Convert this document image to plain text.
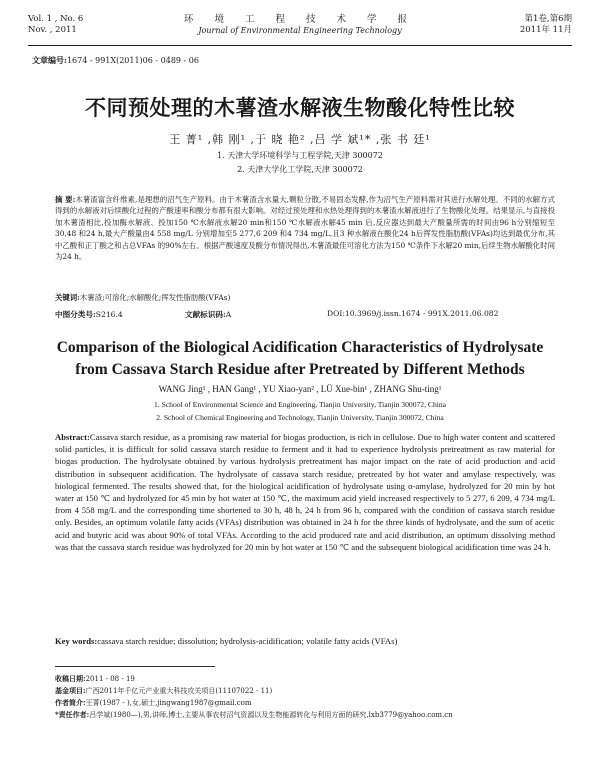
Vol. 1 , No. 6
Nov. , 2011
环 境 工 程 技 术 学 报
Journal of Environmental Engineering Technology
第1卷,第6期
2011年 11月
文章编号:1674 - 991X(2011)06 - 0489 - 06
不同预处理的木薯渣水解液生物酸化特性比较
王 菁¹ ,韩 刚¹ ,于 晓 艳² ,吕 学 斌¹* ,张 书 廷¹
1. 天津大学环境科学与工程学院,天津 300072
2. 天津大学化工学院,天津 300072
摘 要:木薯渣富含纤维素,是理想的沼气生产原料。由于木薯渣含水量大,颗粒分散,不易固态发酵,作为沼气生产原料需对其进行水解处理。不同的水解方式得到的水解液对后续酸化过程的产酸速率和酸分布都有很大影响。对经过预处理和水热处理得到的木薯渣水解液进行了生物酸化处理。结果显示,与直接投加木薯渣相比,投加酶水解液、投加150 ℃水解液水解20 min和150 ℃水解液水解45 min 后,反应器达到最大产酸量所需的时间由96 h分别缩短至30,48 和24 h,最大产酸量由4 558 mg/L 分别增加至5 277,6 209 和4 734 mg/L,且3 种水解液在酸化24 h后挥发性脂肪酸(VFAs)均达到最优分布,其中乙酸和正丁酸之和占总VFAs 的90%左右。根据产酸速度及酸分布情况得出,木薯渣最佳可溶化方法为150 ℃条件下水解20 min,后续生物水解酸化时间为24 h。
关键词:木薯渣;可溶化;水解酸化;挥发性脂肪酸(VFAs)
中图分类号:S216.4	文献标识码:A	DOI:10.3969/j.issn.1674 - 991X.2011.06.082
Comparison of the Biological Acidification Characteristics of Hydrolysate
from Cassava Starch Residue after Pretreated by Different Methods
WANG Jing¹ , HAN Gang¹ , YU Xiao-yan² , LÜ Xue-bin¹ , ZHANG Shu-ting¹
1. School of Environmental Science and Engineering, Tianjin University, Tianjin 300072, China
2. School of Chemical Engineering and Technology, Tianjin University, Tianjin 300072, China
Abstract:Cassava starch residue, as a promising raw material for biogas production, is rich in cellulose. Due to high water content and scattered solid particles, it is difficult for solid cassava starch residue to ferment and it had to experience hydrolysis pretreatment as raw material for biogas production. The hydrolysate obtained by various hydrolysis pretreatment has major impact on the rate of acid production and acid distribution in subsequent acidification. The hydrolysate of cassava starch residue, pretreated by hot water and amylase respectively, was biological fermented. The results showed that, for the biological acidification of hydrolysate using α-amylase, hydrolyzed for 20 min by hot water at 150 ℃ and hydrolyzed for 45 min by hot water at 150 ℃, the maximum acid yield increased respectively to 5 277, 6 209, 4 734 mg/L from 4 558 mg/L and the corresponding time shortened to 30 h, 48 h, 24 h from 96 h, compared with the condition of cassava starch residue only. Besides, an optimum volatile fatty acids (VFAs) distribution was obtained in 24 h for the three kinds of hydrolysate, and the sum of acetic acid and butyric acid was about 90% of total VFAs. According to the acid produced rate and acid distribution, an optimum dissolving method was that the cassava starch residue was hydrolyzed for 20 min by hot water at 150 ℃ and the subsequent biological acidification time was 24 h.
Key words:cassava starch residue; dissolution; hydrolysis-acidification; volatile fatty acids (VFAs)
收稿日期:2011 - 08 - 19
基金项目:广西2011年千亿元产业重大科技攻关项目(11107022 - 11)
作者简介:王菁(1987 - ),女,硕士,jingwang1987@gmail.com
*责任作者:吕学斌(1980—),男,讲师,博士,主要从事农村沼气资源以及生物能源转化与利用方面的研究,lxb3779@yahoo.com.cn
